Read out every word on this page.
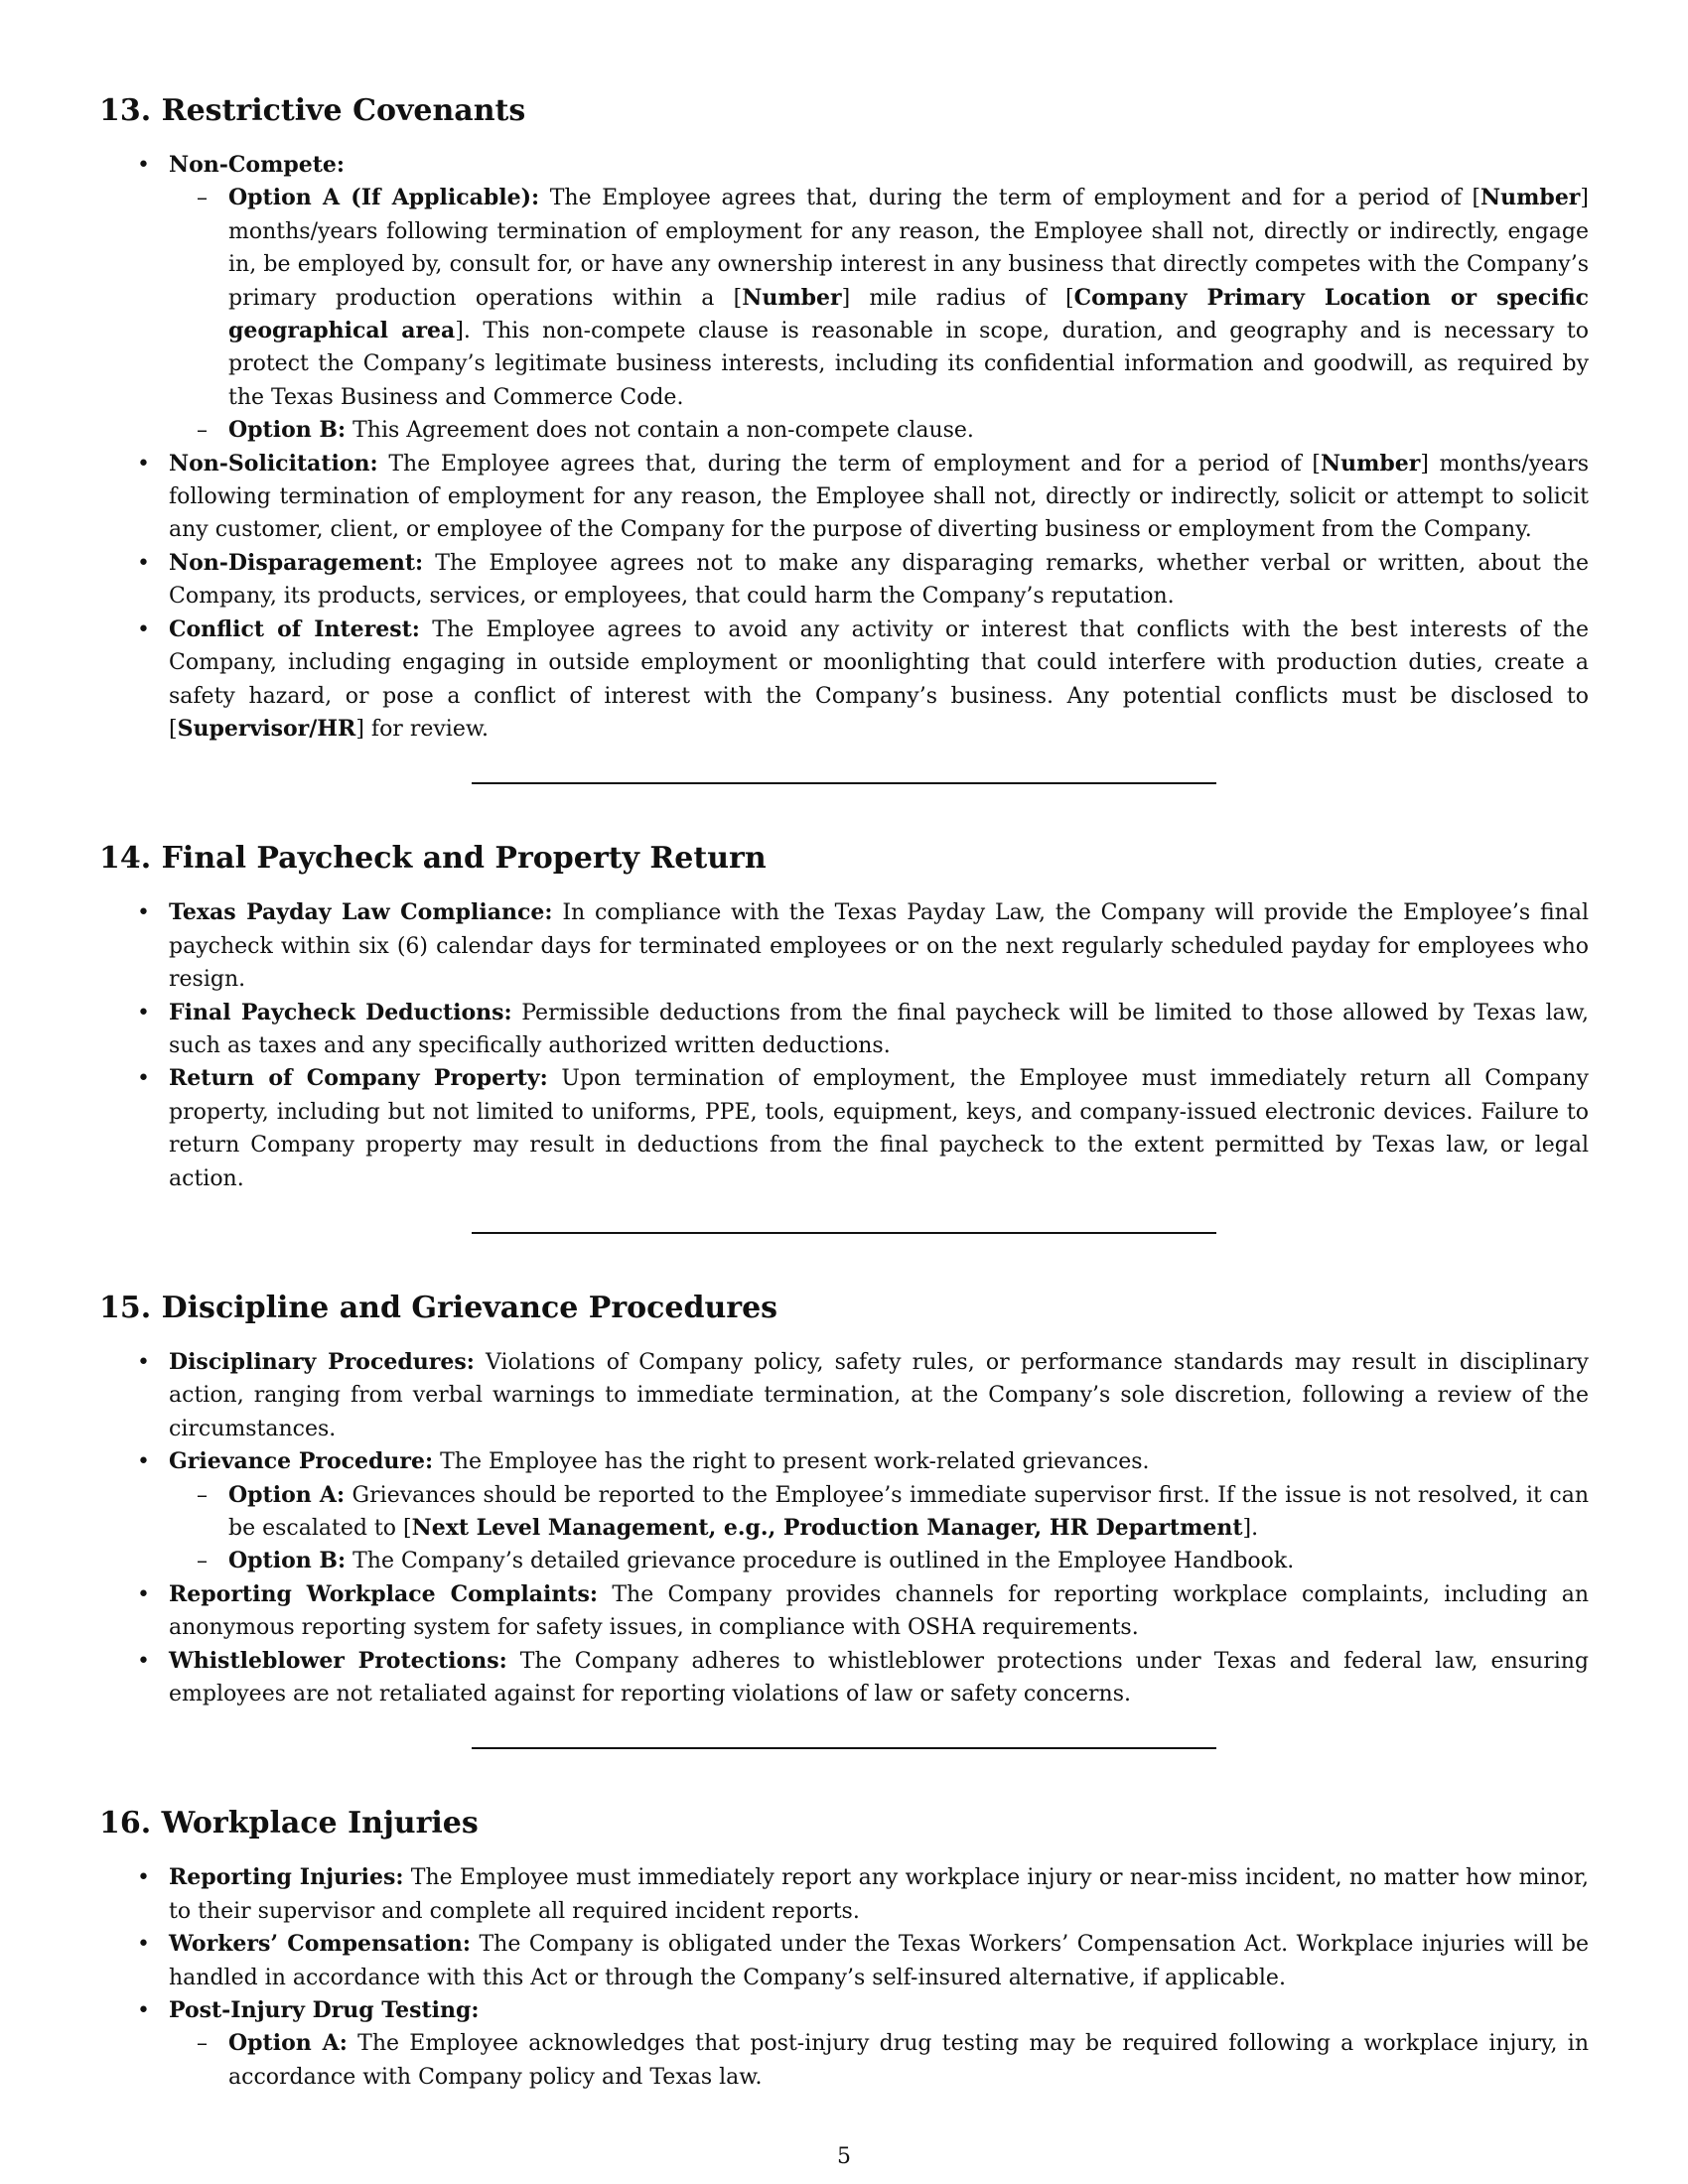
13. Restrictive Covenants
• Non-Compete:
– Option A (If Applicable): The Employee agrees that, during the term of employment and for a period of [Number] months/years following termination of employment for any reason, the Employee shall not, directly or indirectly, engage in, be employed by, consult for, or have any ownership interest in any business that directly competes with the Company’s primary production operations within a [Number] mile radius of [Company Primary Location or specific geographical area]. This non-compete clause is reasonable in scope, duration, and geography and is necessary to protect the Company’s legitimate business interests, including its confidential information and goodwill, as required by the Texas Business and Commerce Code.
– Option B: This Agreement does not contain a non-compete clause.
• Non-Solicitation: The Employee agrees that, during the term of employment and for a period of [Number] months/years following termination of employment for any reason, the Employee shall not, directly or indirectly, solicit or attempt to solicit any customer, client, or employee of the Company for the purpose of diverting business or employment from the Company.
• Non-Disparagement: The Employee agrees not to make any disparaging remarks, whether verbal or written, about the Company, its products, services, or employees, that could harm the Company’s reputation.
• Conflict of Interest: The Employee agrees to avoid any activity or interest that conflicts with the best interests of the Company, including engaging in outside employment or moonlighting that could interfere with production duties, create a safety hazard, or pose a conflict of interest with the Company’s business. Any potential conflicts must be disclosed to [Supervisor/HR] for review.
14. Final Paycheck and Property Return
• Texas Payday Law Compliance: In compliance with the Texas Payday Law, the Company will provide the Employee’s final paycheck within six (6) calendar days for terminated employees or on the next regularly scheduled payday for employees who resign.
• Final Paycheck Deductions: Permissible deductions from the final paycheck will be limited to those allowed by Texas law, such as taxes and any specifically authorized written deductions.
• Return of Company Property: Upon termination of employment, the Employee must immediately return all Company property, including but not limited to uniforms, PPE, tools, equipment, keys, and company-issued electronic devices. Failure to return Company property may result in deductions from the final paycheck to the extent permitted by Texas law, or legal action.
15. Discipline and Grievance Procedures
• Disciplinary Procedures: Violations of Company policy, safety rules, or performance standards may result in disciplinary action, ranging from verbal warnings to immediate termination, at the Company’s sole discretion, following a review of the circumstances.
• Grievance Procedure: The Employee has the right to present work-related grievances.
– Option A: Grievances should be reported to the Employee’s immediate supervisor first. If the issue is not resolved, it can be escalated to [Next Level Management, e.g., Production Manager, HR Department].
– Option B: The Company’s detailed grievance procedure is outlined in the Employee Handbook.
• Reporting Workplace Complaints: The Company provides channels for reporting workplace complaints, including an anonymous reporting system for safety issues, in compliance with OSHA requirements.
• Whistleblower Protections: The Company adheres to whistleblower protections under Texas and federal law, ensuring employees are not retaliated against for reporting violations of law or safety concerns.
16. Workplace Injuries
• Reporting Injuries: The Employee must immediately report any workplace injury or near-miss incident, no matter how minor, to their supervisor and complete all required incident reports.
• Workers’ Compensation: The Company is obligated under the Texas Workers’ Compensation Act. Workplace injuries will be handled in accordance with this Act or through the Company’s self-insured alternative, if applicable.
• Post-Injury Drug Testing:
– Option A: The Employee acknowledges that post-injury drug testing may be required following a workplace injury, in accordance with Company policy and Texas law.
5
